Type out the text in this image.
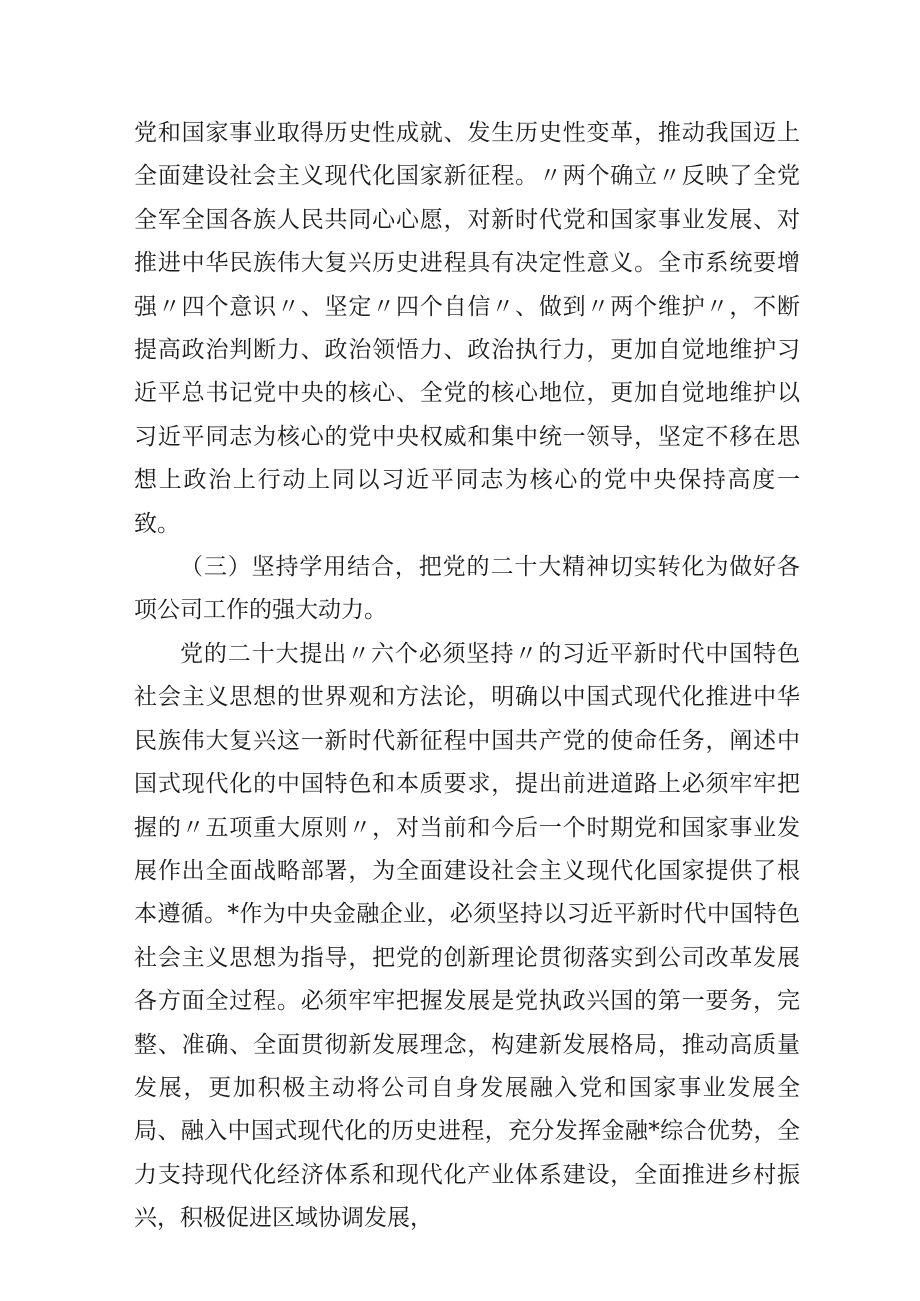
党和国家事业取得历史性成就、发生历史性变革，推动我国迈上全面建设社会主义现代化国家新征程。〃两个确立〃反映了全党全军全国各族人民共同心心愿，对新时代党和国家事业发展、对推进中华民族伟大复兴历史进程具有决定性意义。全市系统要增强〃四个意识〃、坚定〃四个自信〃、做到〃两个维护〃，不断提高政治判断力、政治领悟力、政治执行力，更加自觉地维护习近平总书记党中央的核心、全党的核心地位，更加自觉地维护以习近平同志为核心的党中央权威和集中统一领导，坚定不移在思想上政治上行动上同以习近平同志为核心的党中央保持高度一致。

（三）坚持学用结合，把党的二十大精神切实转化为做好各项公司工作的强大动力。

党的二十大提出〃六个必须坚持〃的习近平新时代中国特色社会主义思想的世界观和方法论，明确以中国式现代化推进中华民族伟大复兴这一新时代新征程中国共产党的使命任务，阐述中国式现代化的中国特色和本质要求，提出前进道路上必须牢牢把握的〃五项重大原则〃，对当前和今后一个时期党和国家事业发展作出全面战略部署，为全面建设社会主义现代化国家提供了根本遵循。*作为中央金融企业，必须坚持以习近平新时代中国特色社会主义思想为指导，把党的创新理论贯彻落实到公司改革发展各方面全过程。必须牢牢把握发展是党执政兴国的第一要务，完整、准确、全面贯彻新发展理念，构建新发展格局，推动高质量发展，更加积极主动将公司自身发展融入党和国家事业发展全局、融入中国式现代化的历史进程，充分发挥金融*综合优势，全力支持现代化经济体系和现代化产业体系建设，全面推进乡村振兴，积极促进区域协调发展，
